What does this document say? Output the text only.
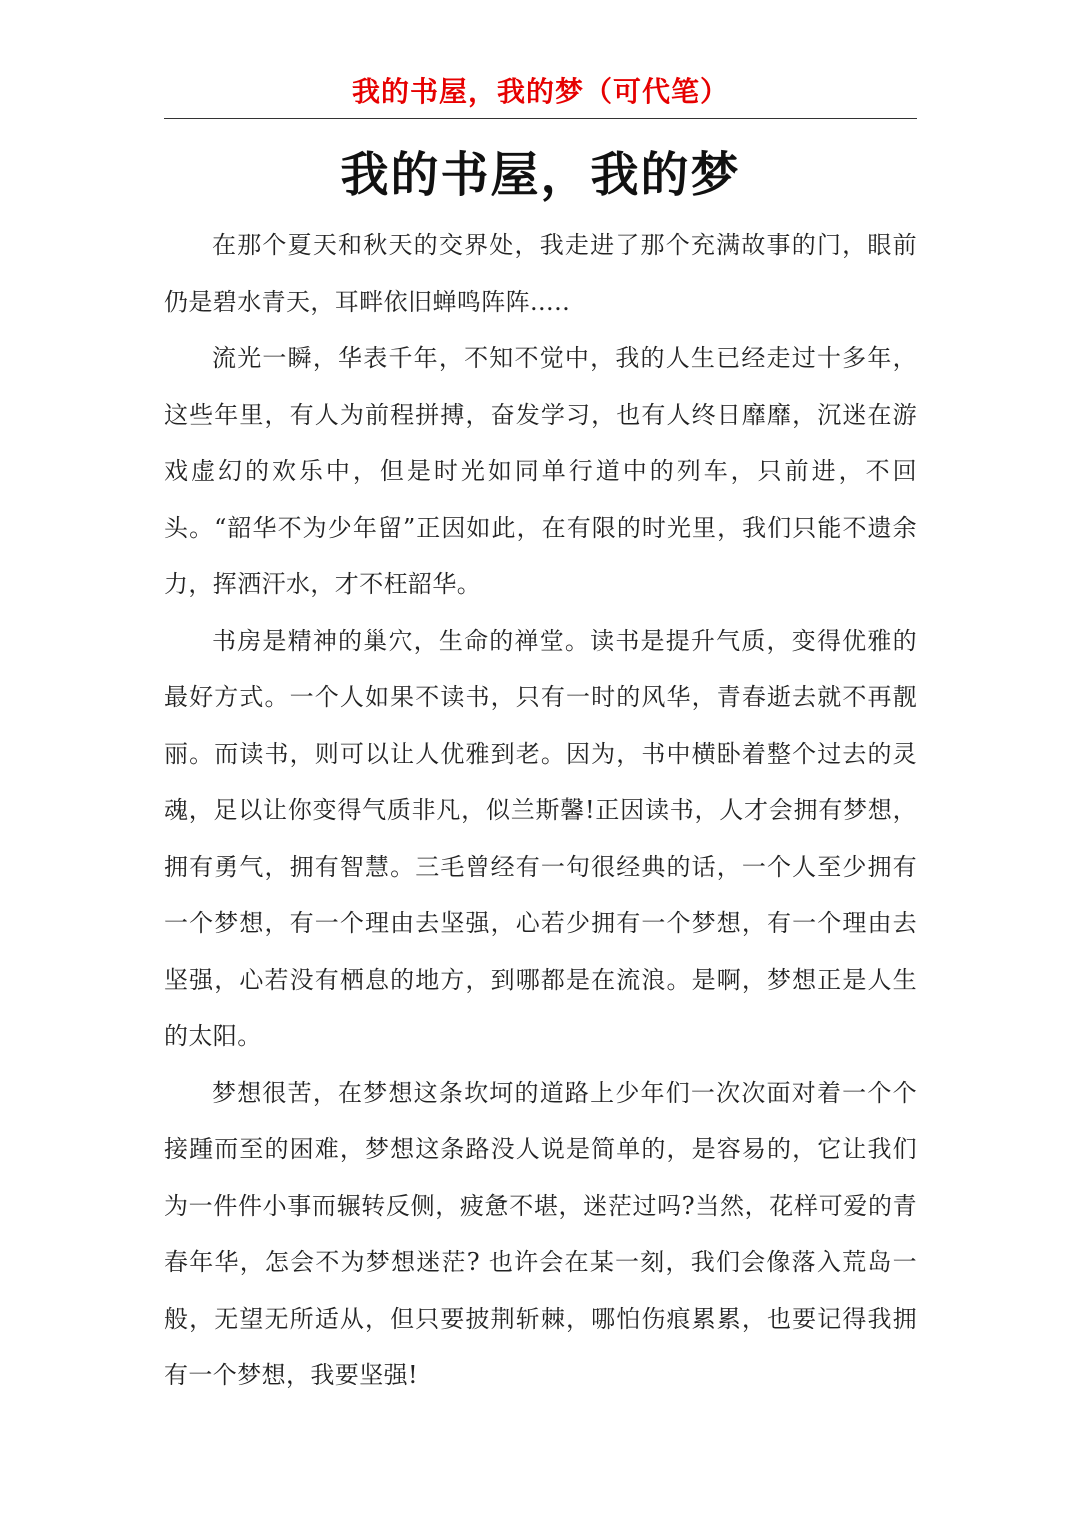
我的书屋，我的梦（可代笔）
我的书屋，我的梦

在那个夏天和秋天的交界处，我走进了那个充满故事的门，眼前仍是碧水青天，耳畔依旧蝉鸣阵阵.....

流光一瞬，华表千年，不知不觉中，我的人生已经走过十多年，这些年里，有人为前程拼搏，奋发学习，也有人终日靡靡，沉迷在游戏虚幻的欢乐中，但是时光如同单行道中的列车，只前进，不回头。“韶华不为少年留”正因如此，在有限的时光里，我们只能不遗余力，挥洒汗水，才不枉韶华。

书房是精神的巢穴，生命的禅堂。读书是提升气质，变得优雅的最好方式。一个人如果不读书，只有一时的风华，青春逝去就不再靓丽。而读书，则可以让人优雅到老。因为，书中横卧着整个过去的灵魂，足以让你变得气质非凡，似兰斯馨!正因读书，人才会拥有梦想，拥有勇气，拥有智慧。三毛曾经有一句很经典的话，一个人至少拥有一个梦想，有一个理由去坚强，心若少拥有一个梦想，有一个理由去坚强，心若没有栖息的地方，到哪都是在流浪。是啊，梦想正是人生的太阳。

梦想很苦，在梦想这条坎坷的道路上少年们一次次面对着一个个接踵而至的困难，梦想这条路没人说是简单的，是容易的，它让我们为一件件小事而辗转反侧，疲惫不堪，迷茫过吗?当然，花样可爱的青春年华，怎会不为梦想迷茫? 也许会在某一刻，我们会像落入荒岛一般，无望无所适从，但只要披荆斩棘，哪怕伤痕累累，也要记得我拥有一个梦想，我要坚强!
